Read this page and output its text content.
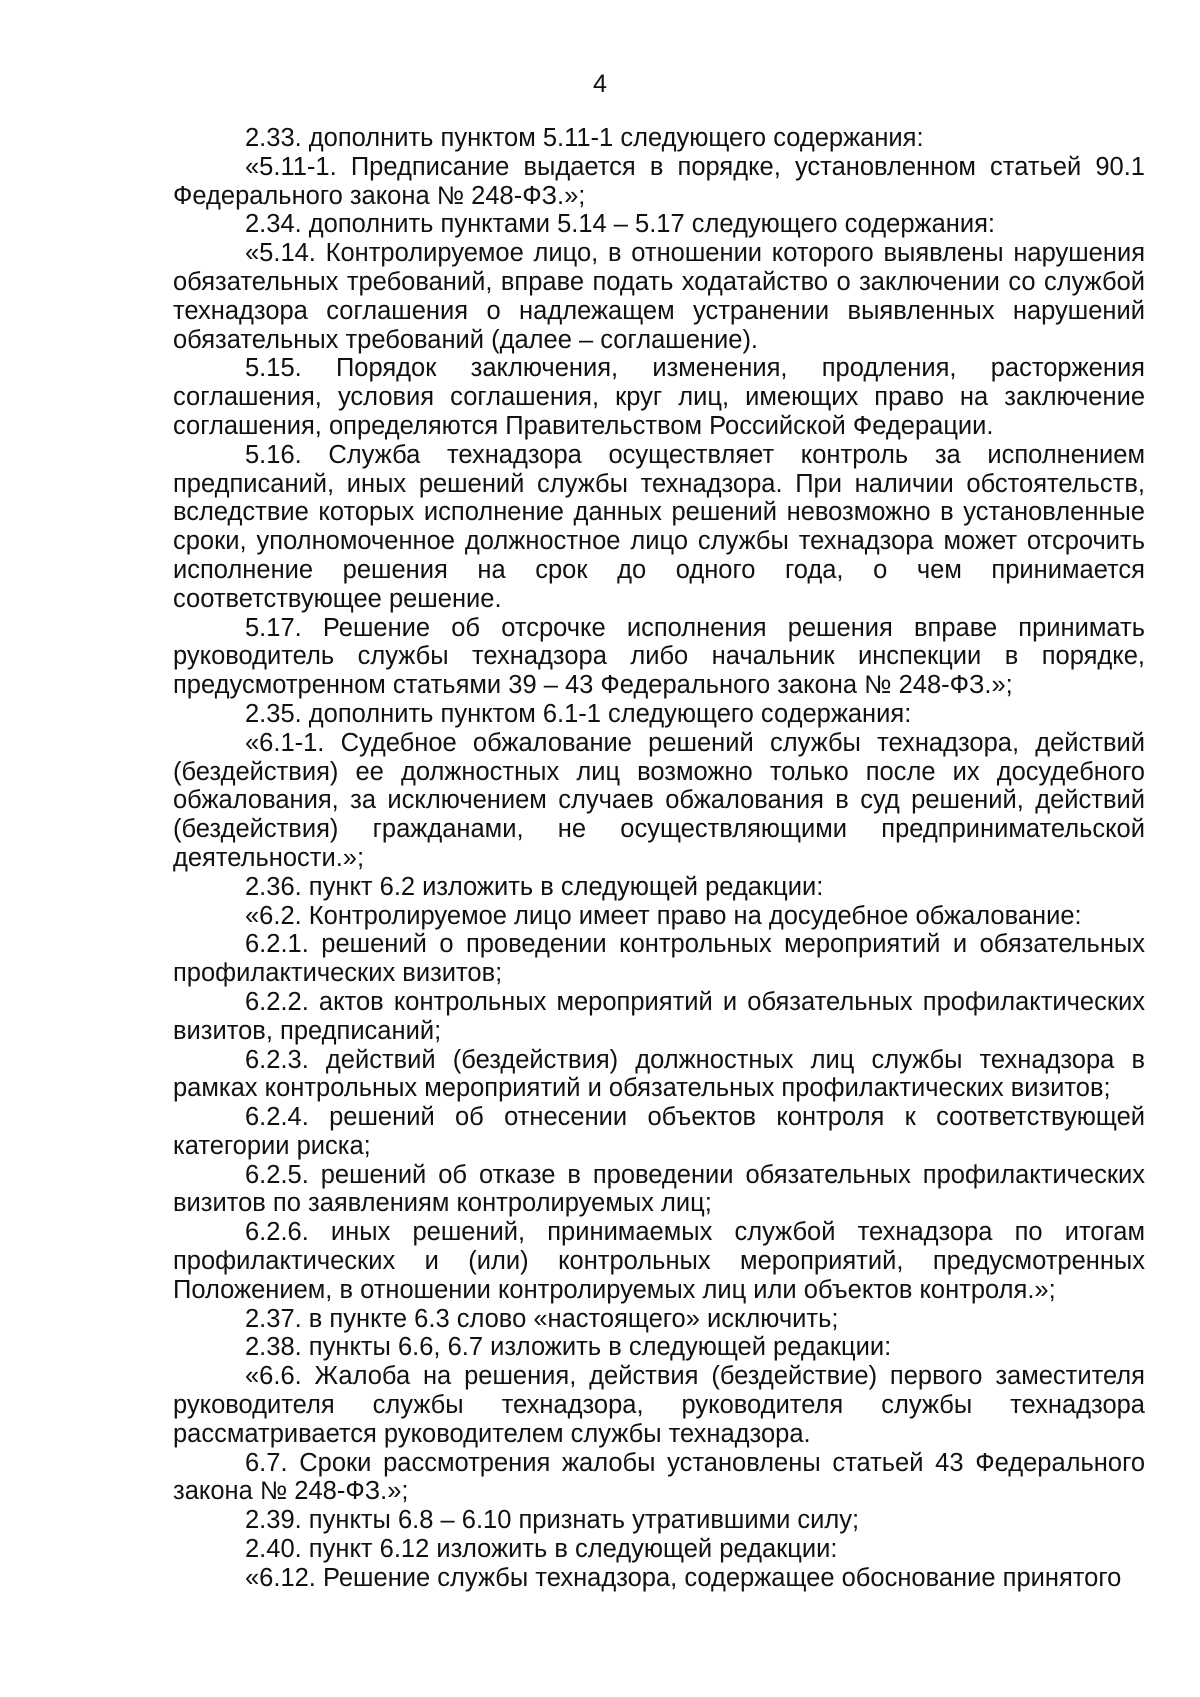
4

2.33. дополнить пунктом 5.11-1 следующего содержания:

«5.11-1. Предписание выдается в порядке, установленном статьей 90.1 Федерального закона № 248-ФЗ.»;

2.34. дополнить пунктами 5.14 – 5.17 следующего содержания:

«5.14. Контролируемое лицо, в отношении которого выявлены нарушения обязательных требований, вправе подать ходатайство о заключении со службой технадзора соглашения о надлежащем устранении выявленных нарушений обязательных требований (далее – соглашение).

5.15. Порядок заключения, изменения, продления, расторжения соглашения, условия соглашения, круг лиц, имеющих право на заключение соглашения, определяются Правительством Российской Федерации.

5.16. Служба технадзора осуществляет контроль за исполнением предписаний, иных решений службы технадзора. При наличии обстоятельств, вследствие которых исполнение данных решений невозможно в установленные сроки, уполномоченное должностное лицо службы технадзора может отсрочить исполнение решения на срок до одного года, о чем принимается соответствующее решение.

5.17. Решение об отсрочке исполнения решения вправе принимать руководитель службы технадзора либо начальник инспекции в порядке, предусмотренном статьями 39 – 43 Федерального закона № 248-ФЗ.»;

2.35. дополнить пунктом 6.1-1 следующего содержания:

«6.1-1. Судебное обжалование решений службы технадзора, действий (бездействия) ее должностных лиц возможно только после их досудебного обжалования, за исключением случаев обжалования в суд решений, действий (бездействия) гражданами, не осуществляющими предпринимательской деятельности.»;

2.36. пункт 6.2 изложить в следующей редакции:

«6.2. Контролируемое лицо имеет право на досудебное обжалование:

6.2.1. решений о проведении контрольных мероприятий и обязательных профилактических визитов;

6.2.2. актов контрольных мероприятий и обязательных профилактических визитов, предписаний;

6.2.3. действий (бездействия) должностных лиц службы технадзора в рамках контрольных мероприятий и обязательных профилактических визитов;

6.2.4. решений об отнесении объектов контроля к соответствующей категории риска;

6.2.5. решений об отказе в проведении обязательных профилактических визитов по заявлениям контролируемых лиц;

6.2.6. иных решений, принимаемых службой технадзора по итогам профилактических и (или) контрольных мероприятий, предусмотренных Положением, в отношении контролируемых лиц или объектов контроля.»;

2.37. в пункте 6.3 слово «настоящего» исключить;

2.38. пункты 6.6, 6.7 изложить в следующей редакции:

«6.6. Жалоба на решения, действия (бездействие) первого заместителя руководителя службы технадзора, руководителя службы технадзора рассматривается руководителем службы технадзора.

6.7. Сроки рассмотрения жалобы установлены статьей 43 Федерального закона № 248-ФЗ.»;

2.39. пункты 6.8 – 6.10 признать утратившими силу;

2.40. пункт 6.12 изложить в следующей редакции:

«6.12. Решение службы технадзора, содержащее обоснование принятого
